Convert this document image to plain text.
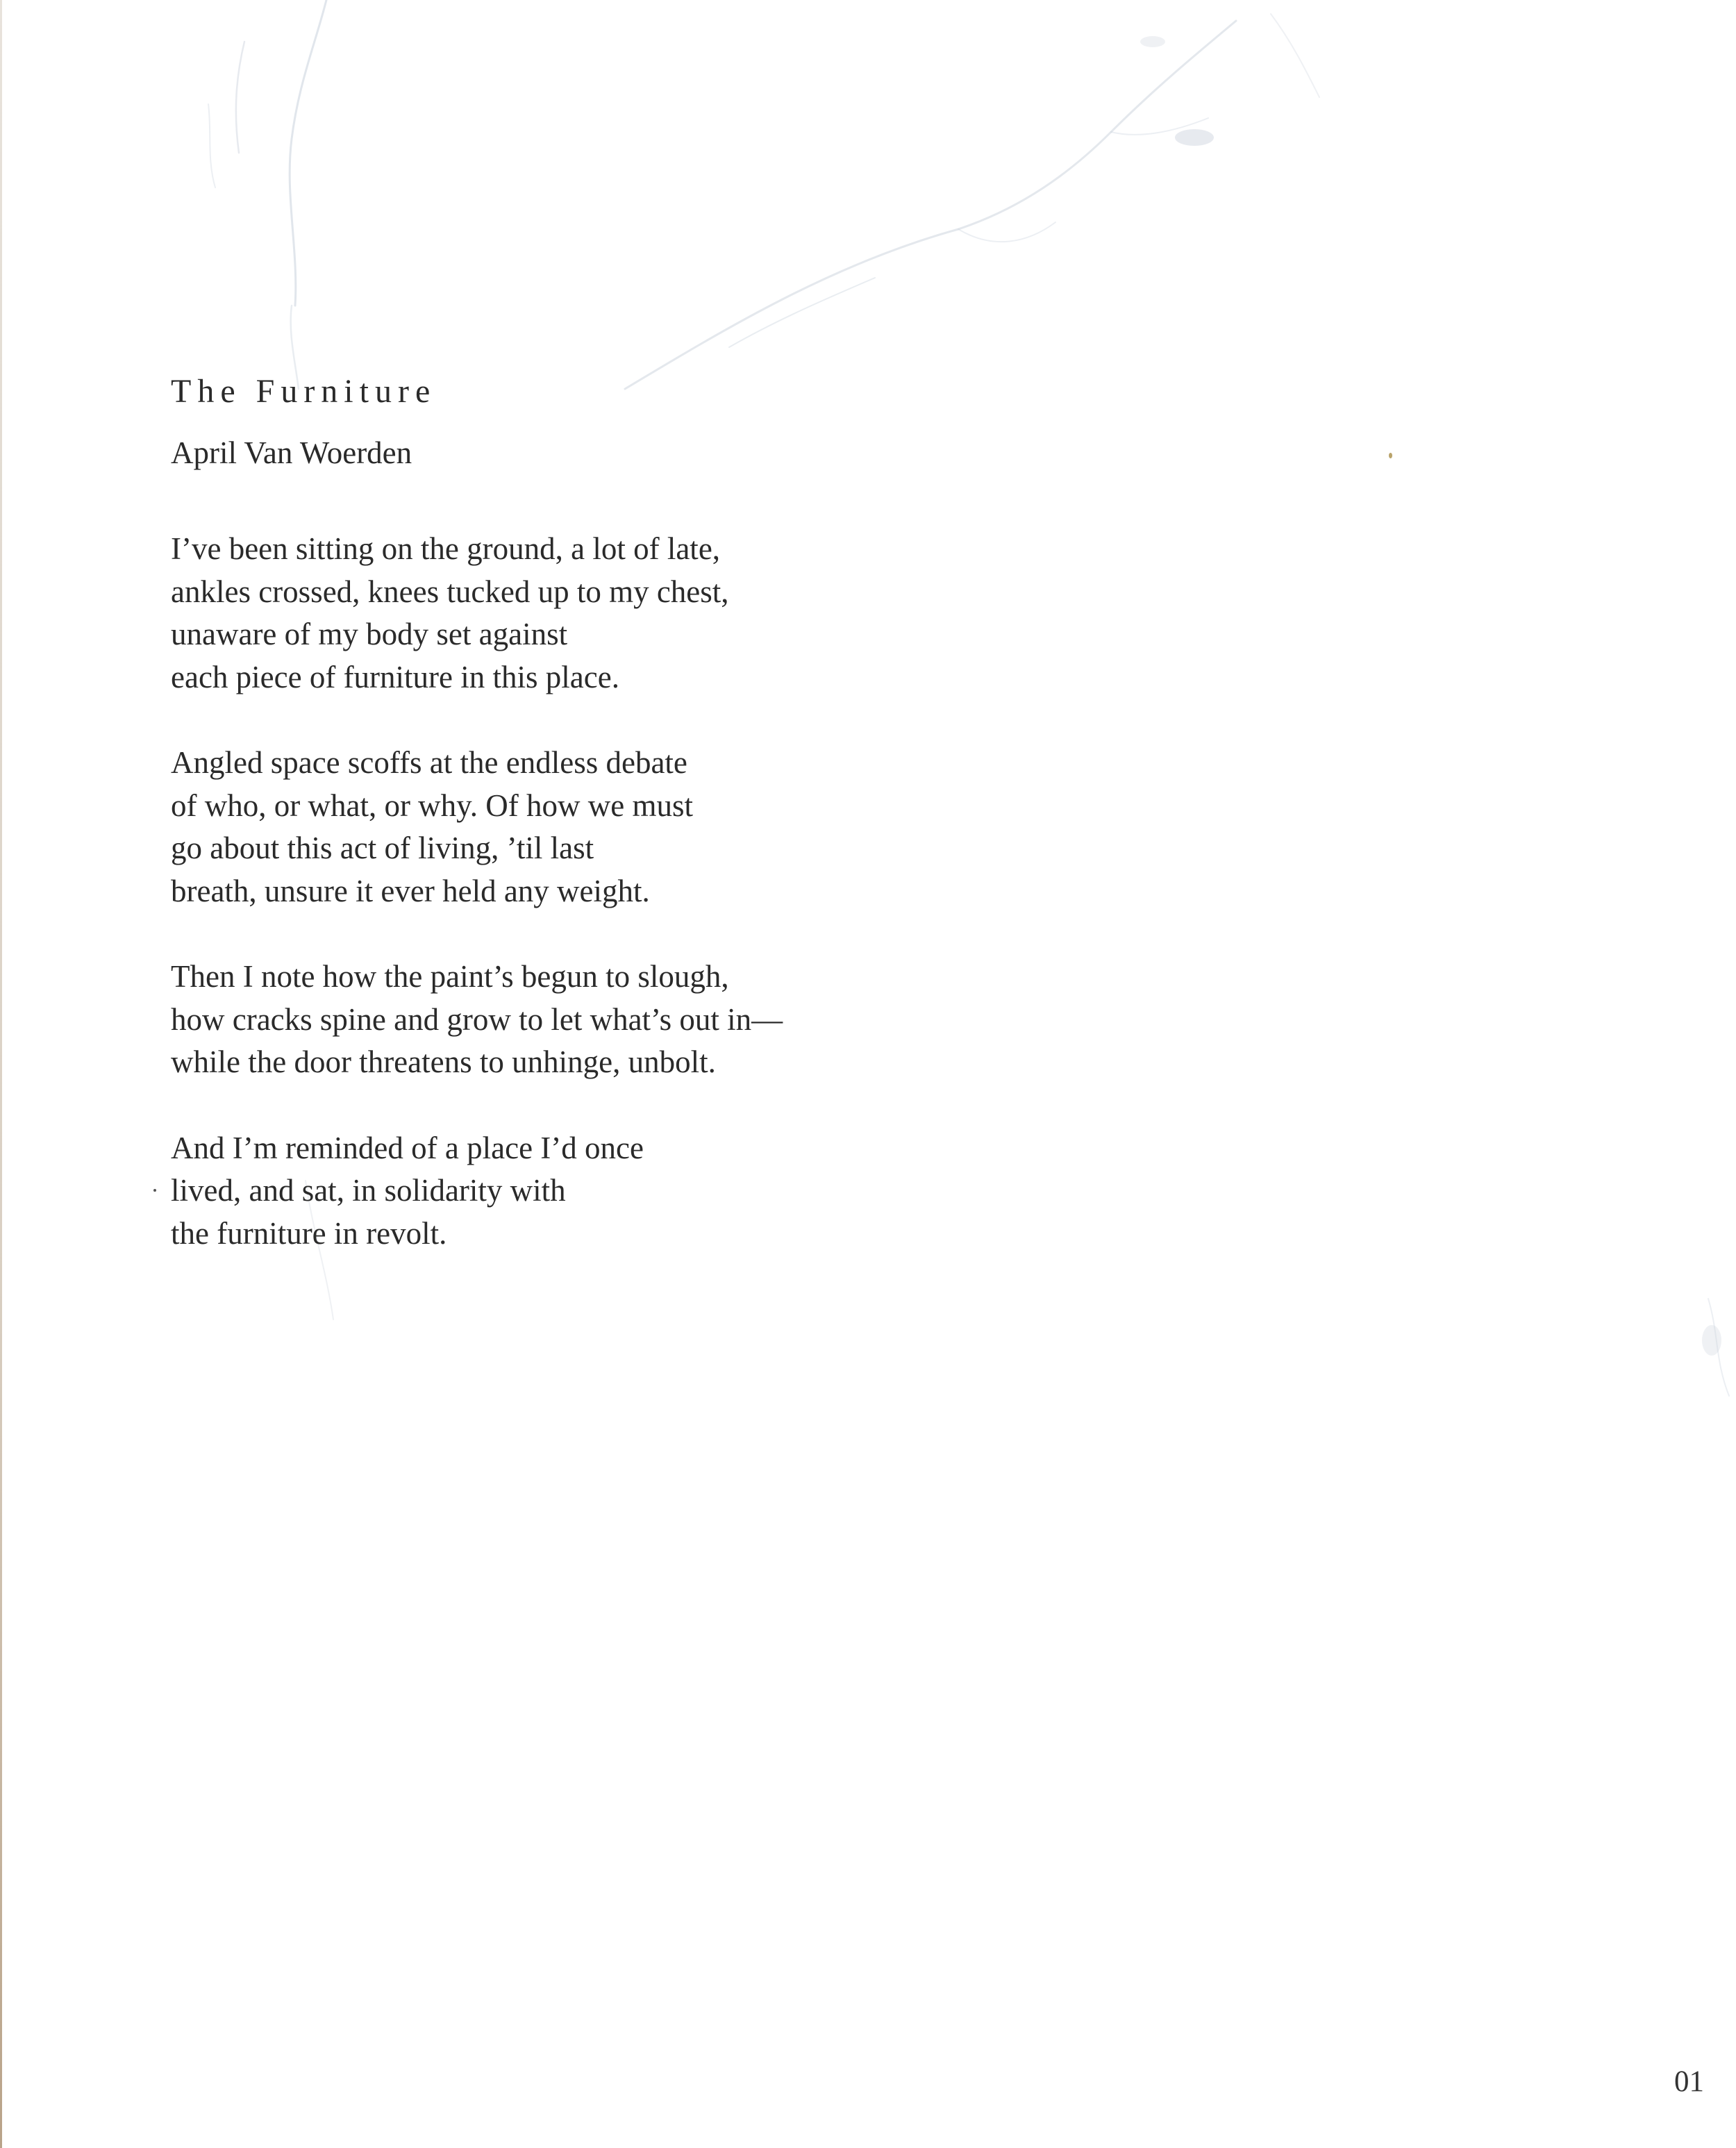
The Furniture
April Van Woerden
I’ve been sitting on the ground, a lot of late,
ankles crossed, knees tucked up to my chest,
unaware of my body set against
each piece of furniture in this place.
Angled space scoffs at the endless debate
of who, or what, or why. Of how we must
go about this act of living, ’til last
breath, unsure it ever held any weight.
Then I note how the paint’s begun to slough,
how cracks spine and grow to let what’s out in—
while the door threatens to unhinge, unbolt.
And I’m reminded of a place I’d once
lived, and sat, in solidarity with
the furniture in revolt.
01
